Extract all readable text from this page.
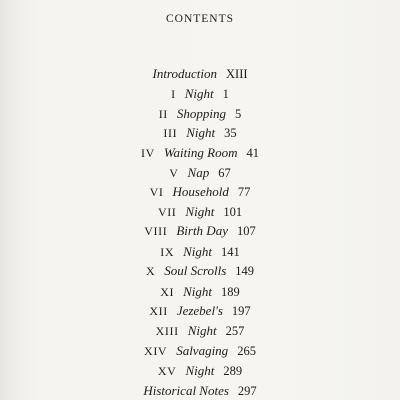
CONTENTS
Introduction XIII
I Night 1
II Shopping 5
III Night 35
IV Waiting Room 41
V Nap 67
VI Household 77
VII Night 101
VIII Birth Day 107
IX Night 141
X Soul Scrolls 149
XI Night 189
XII Jezebel's 197
XIII Night 257
XIV Salvaging 265
XV Night 289
Historical Notes 297
